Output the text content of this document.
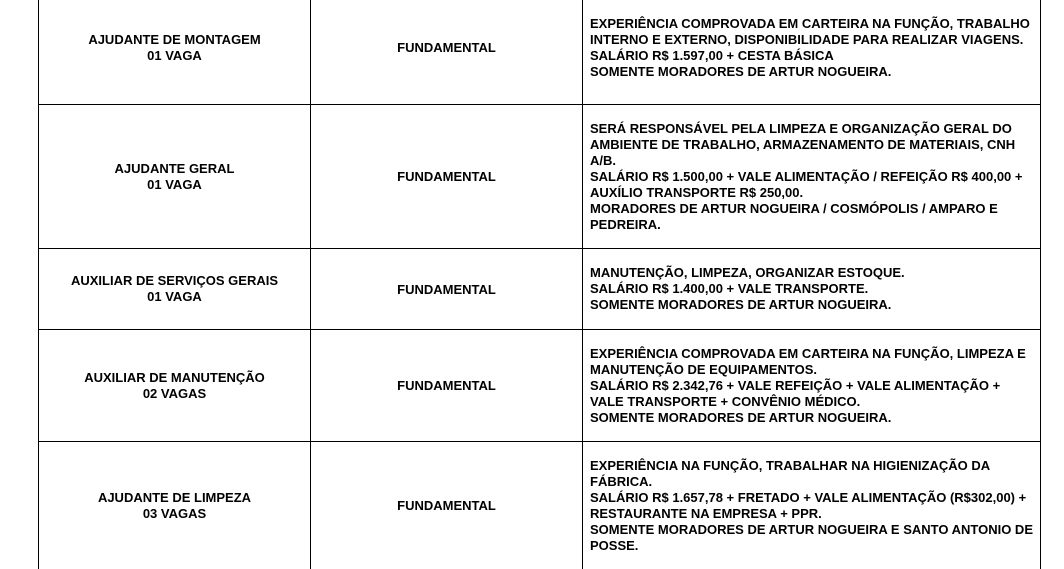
AJUDANTE DE MONTAGEM
01 VAGA	FUNDAMENTAL	EXPERIÊNCIA COMPROVADA EM CARTEIRA NA FUNÇÃO, TRABALHO INTERNO E EXTERNO, DISPONIBILIDADE PARA REALIZAR VIAGENS.
SALÁRIO R$ 1.597,00 + CESTA BÁSICA
SOMENTE MORADORES DE ARTUR NOGUEIRA.

AJUDANTE GERAL
01 VAGA	FUNDAMENTAL	SERÁ RESPONSÁVEL PELA LIMPEZA E ORGANIZAÇÃO GERAL DO AMBIENTE DE TRABALHO, ARMAZENAMENTO DE MATERIAIS, CNH A/B.
SALÁRIO R$ 1.500,00 + VALE ALIMENTAÇÃO / REFEIÇÃO R$ 400,00 + AUXÍLIO TRANSPORTE R$ 250,00.
MORADORES DE ARTUR NOGUEIRA / COSMÓPOLIS / AMPARO E PEDREIRA.

AUXILIAR DE SERVIÇOS GERAIS
01 VAGA	FUNDAMENTAL	MANUTENÇÃO, LIMPEZA, ORGANIZAR ESTOQUE.
SALÁRIO R$ 1.400,00 + VALE TRANSPORTE.
SOMENTE MORADORES DE ARTUR NOGUEIRA.

AUXILIAR DE MANUTENÇÃO
02 VAGAS	FUNDAMENTAL	EXPERIÊNCIA COMPROVADA EM CARTEIRA NA FUNÇÃO, LIMPEZA E MANUTENÇÃO DE EQUIPAMENTOS.
SALÁRIO R$ 2.342,76 + VALE REFEIÇÃO + VALE ALIMENTAÇÃO + VALE TRANSPORTE + CONVÊNIO MÉDICO.
SOMENTE MORADORES DE ARTUR NOGUEIRA.

AJUDANTE DE LIMPEZA
03 VAGAS	FUNDAMENTAL	EXPERIÊNCIA NA FUNÇÃO, TRABALHAR NA HIGIENIZAÇÃO DA FÁBRICA.
SALÁRIO R$ 1.657,78 + FRETADO + VALE ALIMENTAÇÃO (R$302,00) + RESTAURANTE NA EMPRESA + PPR.
SOMENTE MORADORES DE ARTUR NOGUEIRA E SANTO ANTONIO DE POSSE.
